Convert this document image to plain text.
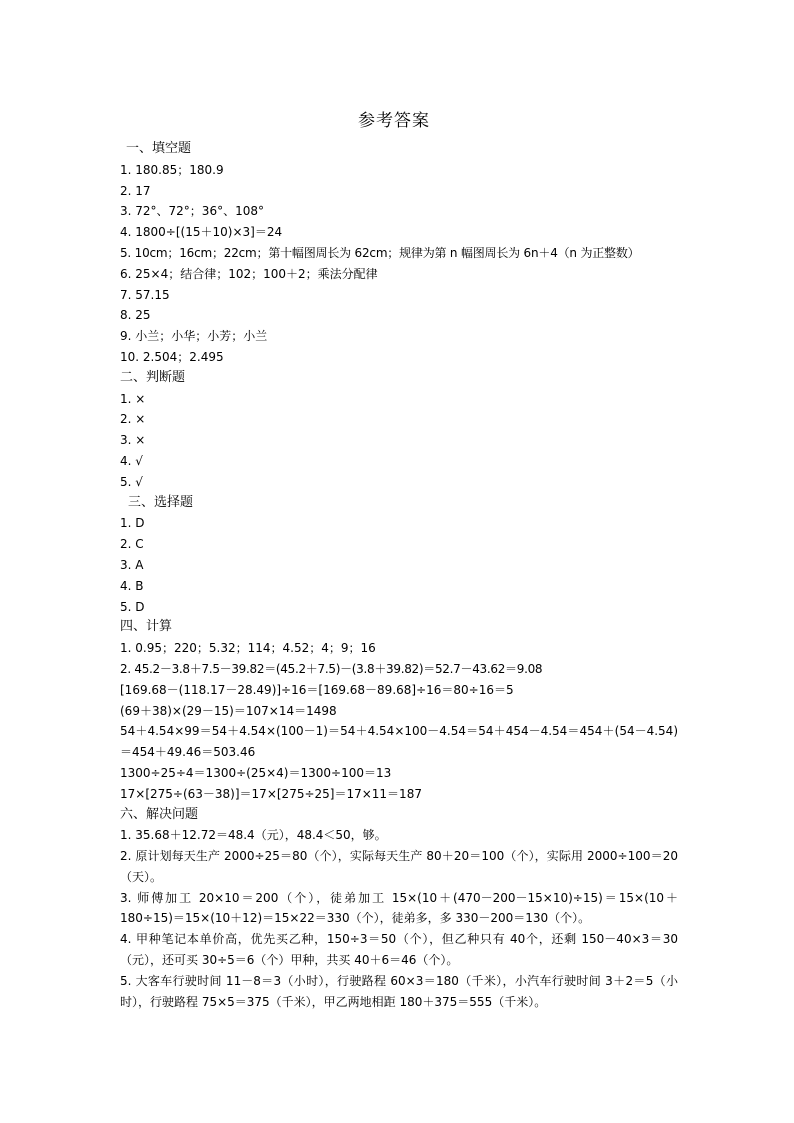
参考答案
一、填空题
1. 180.85；180.9
2. 17
3. 72°、72°；36°、108°
4. 1800÷[(15＋10)×3]＝24
5. 10cm；16cm；22cm；第十幅图周长为 62cm；规律为第 n 幅图周长为 6n＋4（n 为正整数）
6. 25×4；结合律；102；100＋2；乘法分配律
7. 57.15
8. 25
9. 小兰；小华；小芳；小兰
10. 2.504；2.495
二、判断题
1. ×
2. ×
3. ×
4. √
5. √
三、选择题
1. D
2. C
3. A
4. B
5. D
四、计算
1. 0.95；220；5.32；114；4.52；4；9；16
2. 45.2－3.8＋7.5－39.82＝(45.2＋7.5)－(3.8＋39.82)＝52.7－43.62＝9.08
[169.68－(118.17－28.49)]÷16＝[169.68－89.68]÷16＝80÷16＝5
(69＋38)×(29－15)＝107×14＝1498
54＋4.54×99＝54＋4.54×(100－1)＝54＋4.54×100－4.54＝54＋454－4.54＝454＋(54－4.54)＝454＋49.46＝503.46
1300÷25÷4＝1300÷(25×4)＝1300÷100＝13
17×[275÷(63－38)]＝17×[275÷25]＝17×11＝187
六、解决问题
1. 35.68＋12.72＝48.4（元），48.4＜50，够。
2. 原计划每天生产 2000÷25＝80（个），实际每天生产 80＋20＝100（个），实际用 2000÷100＝20（天）。
3. 师傅加工 20×10＝200（个），徒弟加工 15×(10＋(470－200－15×10)÷15)＝15×(10＋180÷15)＝15×(10＋12)＝15×22＝330（个），徒弟多，多 330－200＝130（个）。
4. 甲种笔记本单价高，优先买乙种，150÷3＝50（个），但乙种只有 40个，还剩 150－40×3＝30（元），还可买 30÷5＝6（个）甲种，共买 40＋6＝46（个）。
5. 大客车行驶时间 11－8＝3（小时），行驶路程 60×3＝180（千米），小汽车行驶时间 3＋2＝5（小时），行驶路程 75×5＝375（千米），甲乙两地相距 180＋375＝555（千米）。
